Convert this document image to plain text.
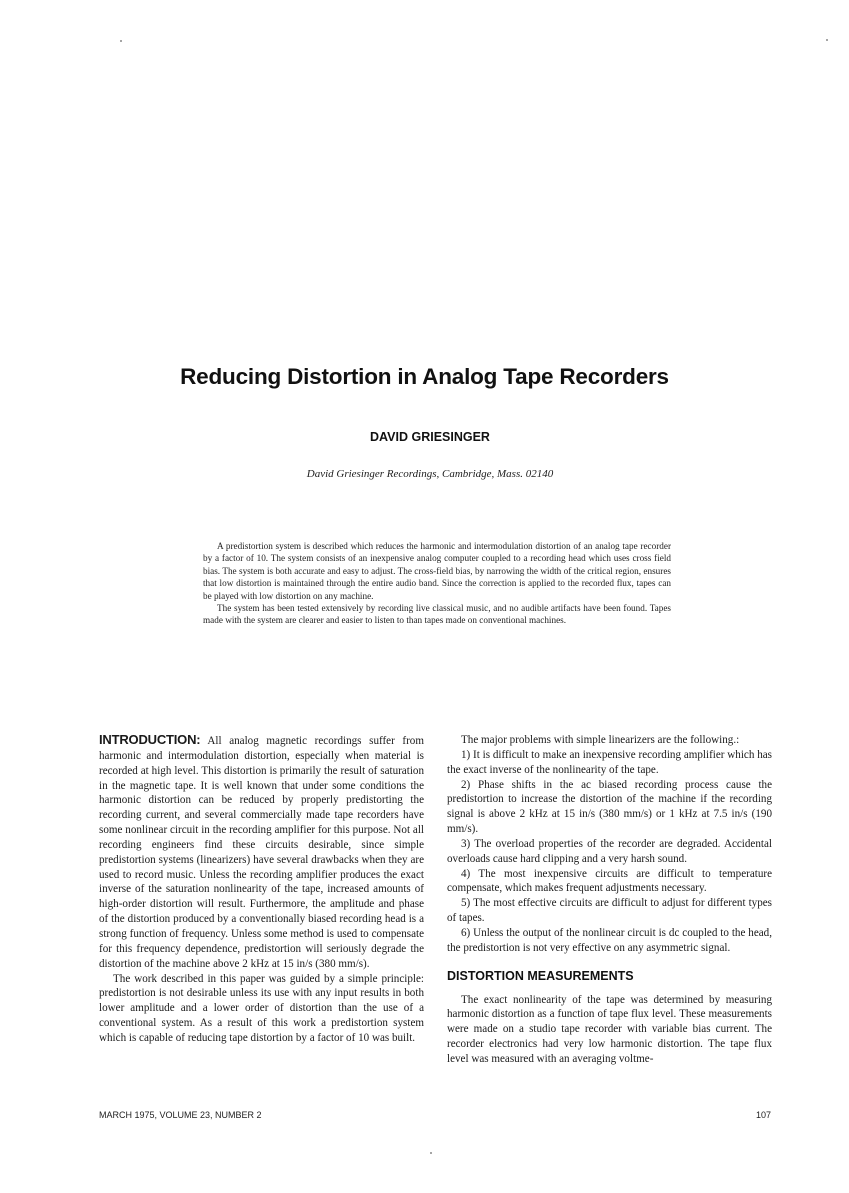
Reducing Distortion in Analog Tape Recorders
DAVID GRIESINGER
David Griesinger Recordings, Cambridge, Mass. 02140

A predistortion system is described which reduces the harmonic and intermodulation distortion of an analog tape recorder by a factor of 10. The system consists of an inexpensive analog computer coupled to a recording head which uses cross field bias. The system is both accurate and easy to adjust. The cross-field bias, by narrowing the width of the critical region, ensures that low distortion is maintained through the entire audio band. Since the correction is applied to the recorded flux, tapes can be played with low distortion on any machine.

The system has been tested extensively by recording live classical music, and no audible artifacts have been found. Tapes made with the system are clearer and easier to listen to than tapes made on conventional machines.

INTRODUCTION: All analog magnetic recordings suffer from harmonic and intermodulation distortion, especially when material is recorded at high level. This distortion is primarily the result of saturation in the magnetic tape. It is well known that under some conditions the harmonic distortion can be reduced by properly predistorting the recording current, and several commercially made tape recorders have some nonlinear circuit in the recording amplifier for this purpose. Not all recording engineers find these circuits desirable, since simple predistortion systems (linearizers) have several drawbacks when they are used to record music. Unless the recording amplifier produces the exact inverse of the saturation nonlinearity of the tape, increased amounts of high-order distortion will result. Furthermore, the amplitude and phase of the distortion produced by a conventionally biased recording head is a strong function of frequency. Unless some method is used to compensate for this frequency dependence, predistortion will seriously degrade the distortion of the machine above 2 kHz at 15 in/s (380 mm/s).

The work described in this paper was guided by a simple principle: predistortion is not desirable unless its use with any input results in both lower amplitude and a lower order of distortion than the use of a conventional system. As a result of this work a predistortion system which is capable of reducing tape distortion by a factor of 10 was built.

The major problems with simple linearizers are the following.:

1) It is difficult to make an inexpensive recording amplifier which has the exact inverse of the nonlinearity of the tape.

2) Phase shifts in the ac biased recording process cause the predistortion to increase the distortion of the machine if the recording signal is above 2 kHz at 15 in/s (380 mm/s) or 1 kHz at 7.5 in/s (190 mm/s).

3) The overload properties of the recorder are degraded. Accidental overloads cause hard clipping and a very harsh sound.

4) The most inexpensive circuits are difficult to temperature compensate, which makes frequent adjustments necessary.

5) The most effective circuits are difficult to adjust for different types of tapes.

6) Unless the output of the nonlinear circuit is dc coupled to the head, the predistortion is not very effective on any asymmetric signal.

DISTORTION MEASUREMENTS

The exact nonlinearity of the tape was determined by measuring harmonic distortion as a function of tape flux level. These measurements were made on a studio tape recorder with variable bias current. The recorder electronics had very low harmonic distortion. The tape flux level was measured with an averaging voltme-

MARCH 1975, VOLUME 23, NUMBER 2	107
